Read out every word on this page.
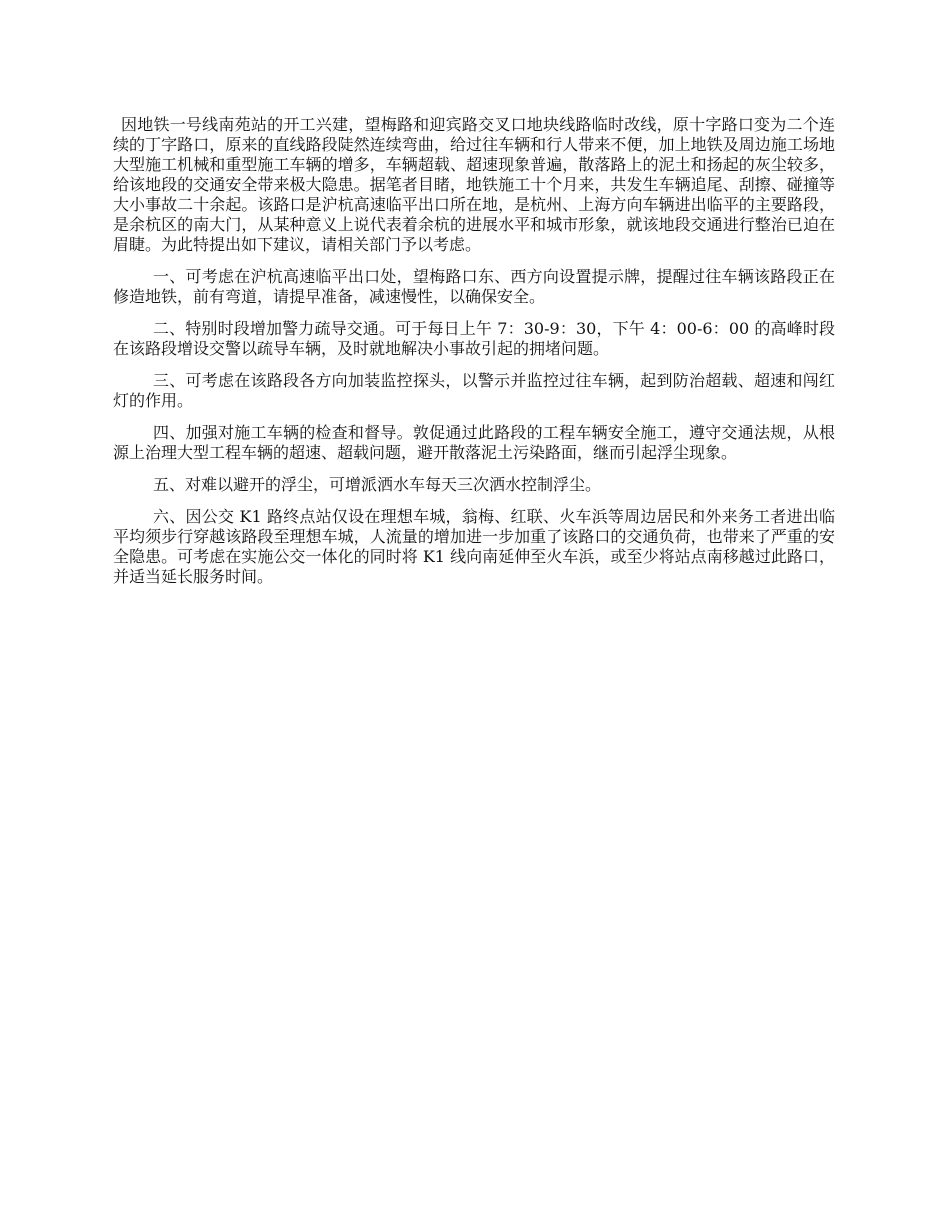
因地铁一号线南苑站的开工兴建，望梅路和迎宾路交叉口地块线路临时改线，原十字路口变为二个连续的丁字路口，原来的直线路段陡然连续弯曲，给过往车辆和行人带来不便，加上地铁及周边施工场地大型施工机械和重型施工车辆的增多，车辆超载、超速现象普遍，散落路上的泥土和扬起的灰尘较多，给该地段的交通安全带来极大隐患。据笔者目睹，地铁施工十个月来，共发生车辆追尾、刮擦、碰撞等大小事故二十余起。该路口是沪杭高速临平出口所在地，是杭州、上海方向车辆进出临平的主要路段，是余杭区的南大门，从某种意义上说代表着余杭的进展水平和城市形象，就该地段交通进行整治已迫在眉睫。为此特提出如下建议，请相关部门予以考虑。

一、可考虑在沪杭高速临平出口处，望梅路口东、西方向设置提示牌，提醒过往车辆该路段正在修造地铁，前有弯道，请提早准备，减速慢性，以确保安全。

二、特别时段增加警力疏导交通。可于每日上午 7：30-9：30，下午 4：00-6：00 的高峰时段在该路段增设交警以疏导车辆，及时就地解决小事故引起的拥堵问题。

三、可考虑在该路段各方向加装监控探头，以警示并监控过往车辆，起到防治超载、超速和闯红灯的作用。

四、加强对施工车辆的检查和督导。敦促通过此路段的工程车辆安全施工，遵守交通法规，从根源上治理大型工程车辆的超速、超载问题，避开散落泥土污染路面，继而引起浮尘现象。

五、对难以避开的浮尘，可增派洒水车每天三次洒水控制浮尘。

六、因公交 K1 路终点站仅设在理想车城，翁梅、红联、火车浜等周边居民和外来务工者进出临平均须步行穿越该路段至理想车城，人流量的增加进一步加重了该路口的交通负荷，也带来了严重的安全隐患。可考虑在实施公交一体化的同时将 K1 线向南延伸至火车浜，或至少将站点南移越过此路口，并适当延长服务时间。
